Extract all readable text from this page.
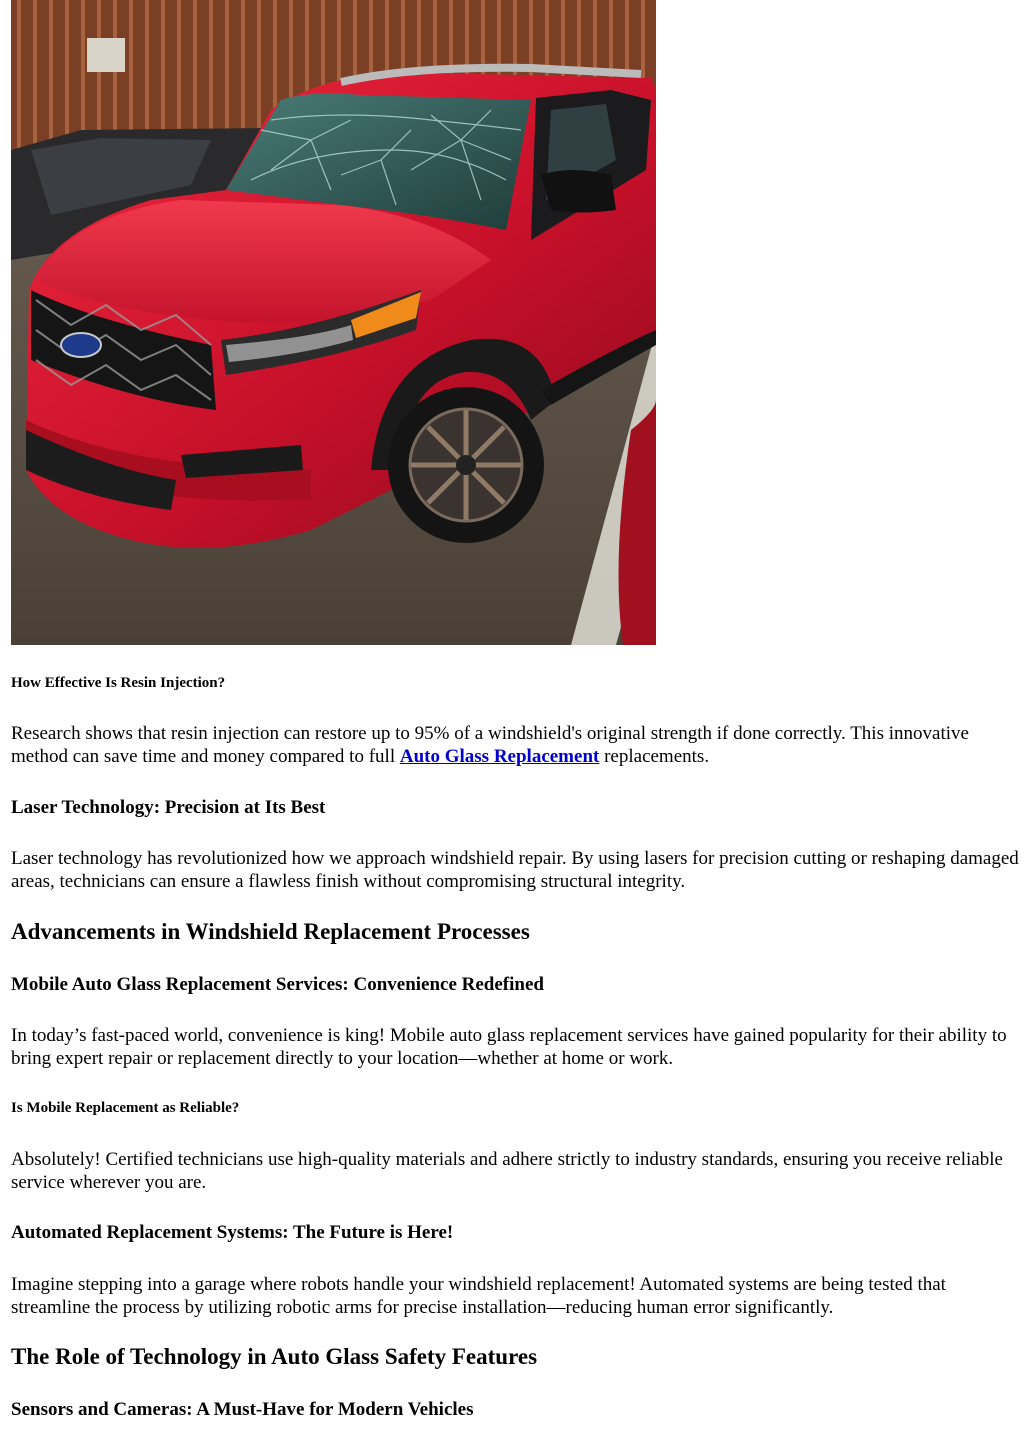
How Effective Is Resin Injection?

Research shows that resin injection can restore up to 95% of a windshield's original strength if done correctly. This innovative method can save time and money compared to full Auto Glass Replacement replacements.

Laser Technology: Precision at Its Best

Laser technology has revolutionized how we approach windshield repair. By using lasers for precision cutting or reshaping damaged areas, technicians can ensure a flawless finish without compromising structural integrity.

Advancements in Windshield Replacement Processes
Mobile Auto Glass Replacement Services: Convenience Redefined

In today’s fast-paced world, convenience is king! Mobile auto glass replacement services have gained popularity for their ability to bring expert repair or replacement directly to your location—whether at home or work.

Is Mobile Replacement as Reliable?

Absolutely! Certified technicians use high-quality materials and adhere strictly to industry standards, ensuring you receive reliable service wherever you are.

Automated Replacement Systems: The Future is Here!

Imagine stepping into a garage where robots handle your windshield replacement! Automated systems are being tested that streamline the process by utilizing robotic arms for precise installation—reducing human error significantly.

The Role of Technology in Auto Glass Safety Features
Sensors and Cameras: A Must-Have for Modern Vehicles
